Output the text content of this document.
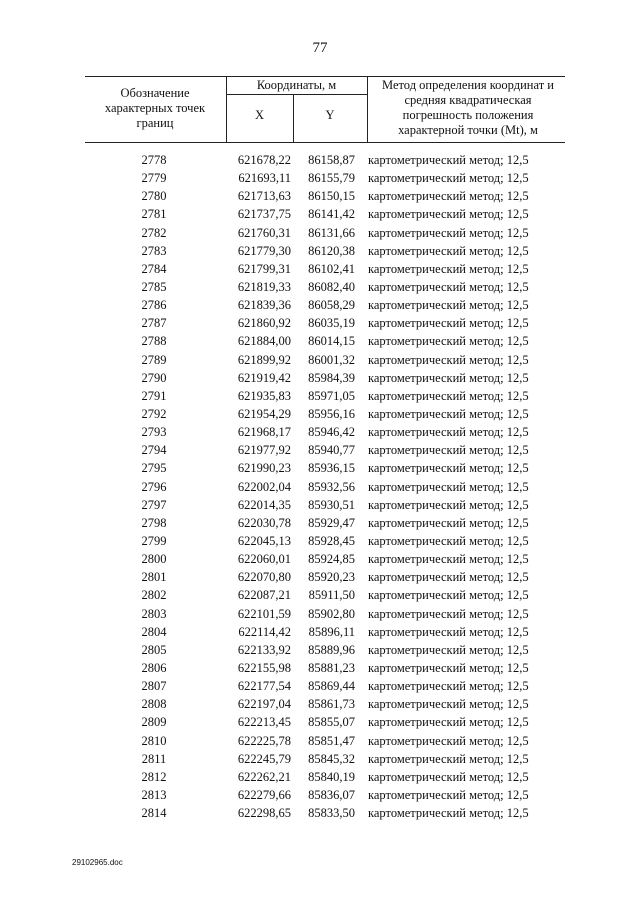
77
Обозначение характерных точек границ
Координаты, м
X	Y
Метод определения координат и средняя квадратическая погрешность положения характерной точки (Mt), м
2778	621678,22	86158,87 картометрический метод; 12,5
2779	621693,11	86155,79 картометрический метод; 12,5
2780	621713,63	86150,15 картометрический метод; 12,5
2781	621737,75	86141,42 картометрический метод; 12,5
2782	621760,31	86131,66 картометрический метод; 12,5
2783	621779,30	86120,38 картометрический метод; 12,5
2784	621799,31	86102,41 картометрический метод; 12,5
2785	621819,33	86082,40 картометрический метод; 12,5
2786	621839,36	86058,29 картометрический метод; 12,5
2787	621860,92	86035,19 картометрический метод; 12,5
2788	621884,00	86014,15 картометрический метод; 12,5
2789	621899,92	86001,32 картометрический метод; 12,5
2790	621919,42	85984,39 картометрический метод; 12,5
2791	621935,83	85971,05 картометрический метод; 12,5
2792	621954,29	85956,16 картометрический метод; 12,5
2793	621968,17	85946,42 картометрический метод; 12,5
2794	621977,92	85940,77 картометрический метод; 12,5
2795	621990,23	85936,15 картометрический метод; 12,5
2796	622002,04	85932,56 картометрический метод; 12,5
2797	622014,35	85930,51 картометрический метод; 12,5
2798	622030,78	85929,47 картометрический метод; 12,5
2799	622045,13	85928,45 картометрический метод; 12,5
2800	622060,01	85924,85 картометрический метод; 12,5
2801	622070,80	85920,23 картометрический метод; 12,5
2802	622087,21	85911,50 картометрический метод; 12,5
2803	622101,59	85902,80 картометрический метод; 12,5
2804	622114,42	85896,11 картометрический метод; 12,5
2805	622133,92	85889,96 картометрический метод; 12,5
2806	622155,98	85881,23 картометрический метод; 12,5
2807	622177,54	85869,44 картометрический метод; 12,5
2808	622197,04	85861,73 картометрический метод; 12,5
2809	622213,45	85855,07 картометрический метод; 12,5
2810	622225,78	85851,47 картометрический метод; 12,5
2811	622245,79	85845,32 картометрический метод; 12,5
2812	622262,21	85840,19 картометрический метод; 12,5
2813	622279,66	85836,07 картометрический метод; 12,5
2814	622298,65	85833,50 картометрический метод; 12,5
29102965.doc
